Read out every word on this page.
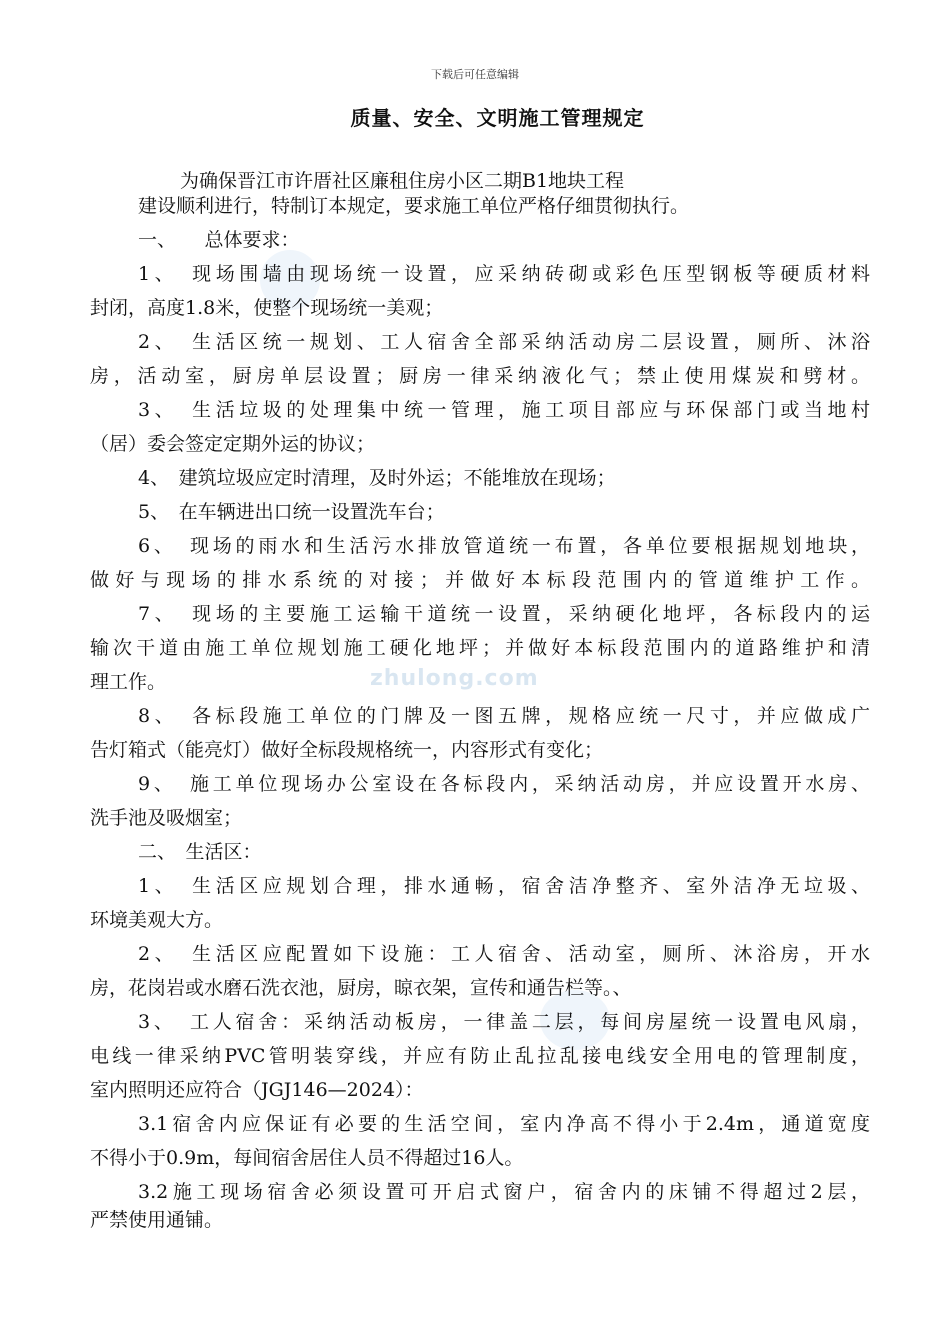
zhulong.com
下载后可任意编辑
质量、安全、文明施工管理规定
为确保晋江市许厝社区廉租住房小区二期B1地块工程
建设顺利进行，特制订本规定，要求施工单位严格仔细贯彻执行。
一、　　总体要求：
1、　现场围墙由现场统一设置，应采纳砖砌或彩色压型钢板等硬质材料
封闭，高度1.8米，使整个现场统一美观；
2、　生活区统一规划、工人宿舍全部采纳活动房二层设置，厕所、沐浴
房，活动室，厨房单层设置；厨房一律采纳液化气；禁止使用煤炭和劈材。
3、　生活垃圾的处理集中统一管理，施工项目部应与环保部门或当地村
（居）委会签定定期外运的协议；
4、　建筑垃圾应定时清理，及时外运；不能堆放在现场；
5、　在车辆进出口统一设置洗车台；
6、　现场的雨水和生活污水排放管道统一布置，各单位要根据规划地块，
做好与现场的排水系统的对接；并做好本标段范围内的管道维护工作。
7、　现场的主要施工运输干道统一设置，采纳硬化地坪，各标段内的运
输次干道由施工单位规划施工硬化地坪；并做好本标段范围内的道路维护和清
理工作。
8、　各标段施工单位的门牌及一图五牌，规格应统一尺寸，并应做成广
告灯箱式（能亮灯）做好全标段规格统一，内容形式有变化；
9、　施工单位现场办公室设在各标段内，采纳活动房，并应设置开水房、
洗手池及吸烟室；
二、　生活区：
1、　生活区应规划合理，排水通畅，宿舍洁净整齐、室外洁净无垃圾、
环境美观大方。
2、　生活区应配置如下设施：工人宿舍、活动室，厕所、沐浴房，开水
房，花岗岩或水磨石洗衣池，厨房，晾衣架，宣传和通告栏等。、
3、　工人宿舍：采纳活动板房，一律盖二层，每间房屋统一设置电风扇，
电线一律采纳PVC管明装穿线，并应有防止乱拉乱接电线安全用电的管理制度，
室内照明还应符合（JGJ146—2024）：
3.1宿舍内应保证有必要的生活空间，室内净高不得小于2.4m，通道宽度
不得小于0.9m，每间宿舍居住人员不得超过16人。
3.2施工现场宿舍必须设置可开启式窗户，宿舍内的床铺不得超过2层，
严禁使用通铺。
